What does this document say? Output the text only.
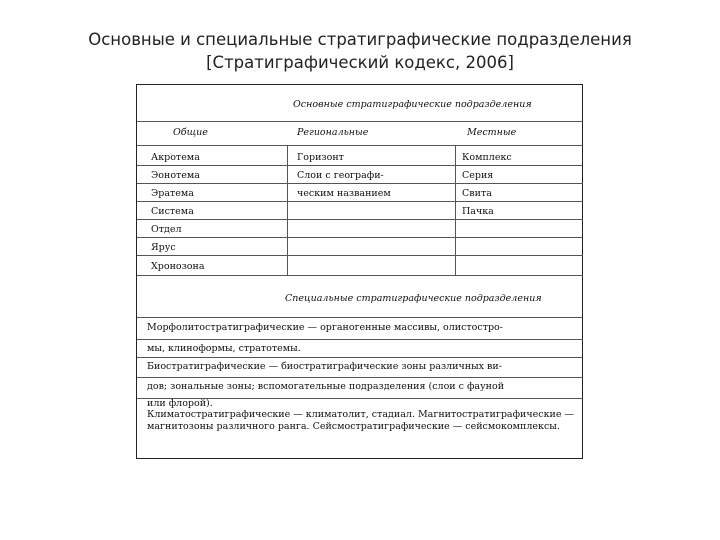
Основные и специальные стратиграфические подразделения
[Стратиграфический кодекс, 2006]
Основные стратиграфические подразделения
Общие	Региональные	Местные
Акротема
Эонотема
Эратема
Система
Отдел
Ярус
Хронозона
Горизонт
Слои с географи-
ческим названием
Комплекс
Серия
Свита
Пачка
Специальные стратиграфические подразделения
Морфолитостратиграфические — органогенные массивы, олистостро-
мы, клиноформы, стратотемы.
Биостратиграфические — биостратиграфические зоны различных ви-
дов; зональные зоны; вспомогательные подразделения (слои с фауной
или флорой).
Климатостратиграфические — климатолит, стадиал. Магнитостратиграфические —
магнитозоны различного ранга. Сейсмостратиграфические — сейсмокомплексы.
